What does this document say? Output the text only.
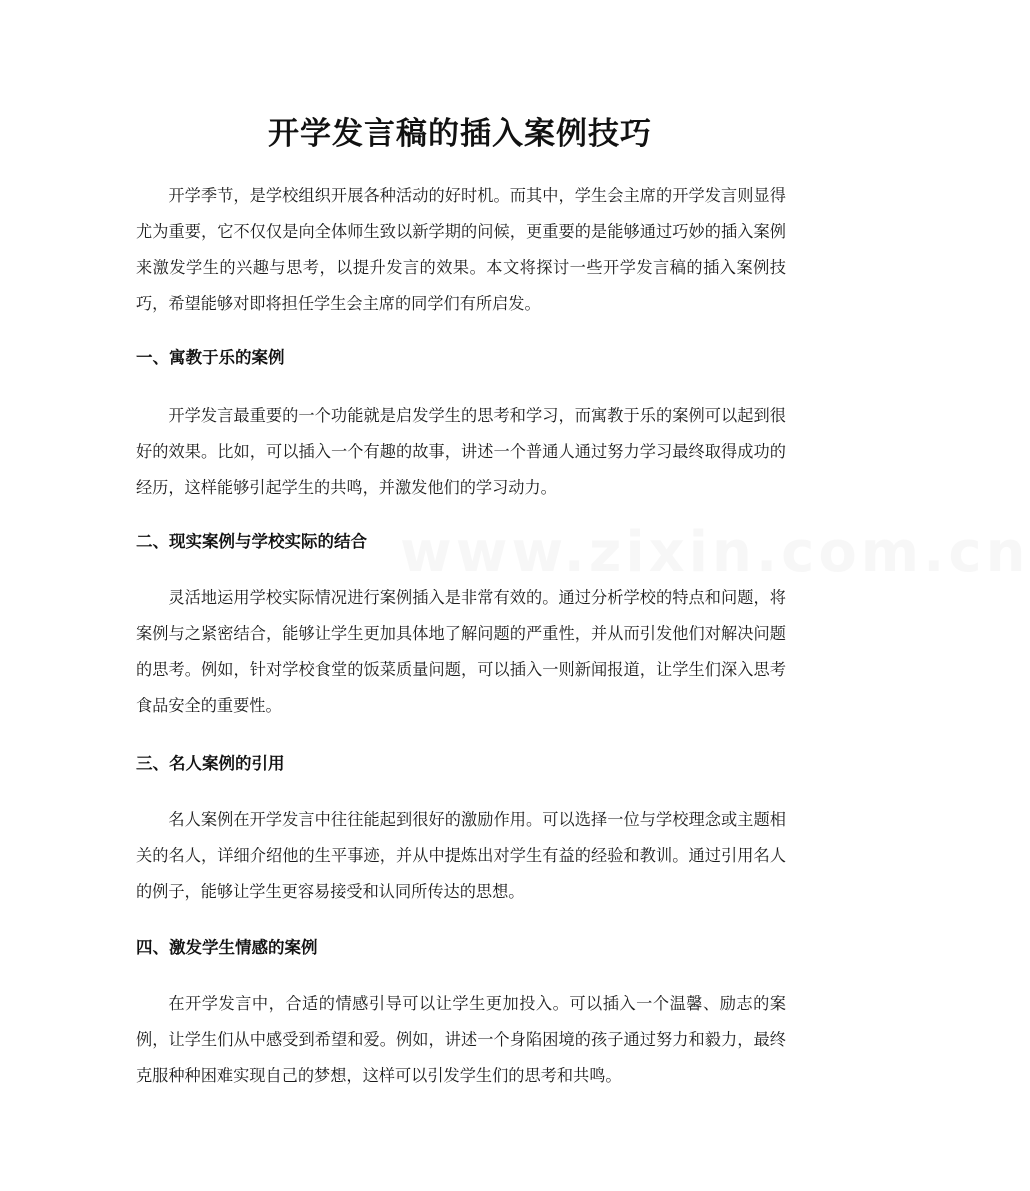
开学发言稿的插入案例技巧

开学季节，是学校组织开展各种活动的好时机。而其中，学生会主席的开学发言则显得尤为重要，它不仅仅是向全体师生致以新学期的问候，更重要的是能够通过巧妙的插入案例来激发学生的兴趣与思考，以提升发言的效果。本文将探讨一些开学发言稿的插入案例技巧，希望能够对即将担任学生会主席的同学们有所启发。

一、寓教于乐的案例

开学发言最重要的一个功能就是启发学生的思考和学习，而寓教于乐的案例可以起到很好的效果。比如，可以插入一个有趣的故事，讲述一个普通人通过努力学习最终取得成功的经历，这样能够引起学生的共鸣，并激发他们的学习动力。

二、现实案例与学校实际的结合

灵活地运用学校实际情况进行案例插入是非常有效的。通过分析学校的特点和问题，将案例与之紧密结合，能够让学生更加具体地了解问题的严重性，并从而引发他们对解决问题的思考。例如，针对学校食堂的饭菜质量问题，可以插入一则新闻报道，让学生们深入思考食品安全的重要性。

三、名人案例的引用

名人案例在开学发言中往往能起到很好的激励作用。可以选择一位与学校理念或主题相关的名人，详细介绍他的生平事迹，并从中提炼出对学生有益的经验和教训。通过引用名人的例子，能够让学生更容易接受和认同所传达的思想。

四、激发学生情感的案例

在开学发言中，合适的情感引导可以让学生更加投入。可以插入一个温馨、励志的案例，让学生们从中感受到希望和爱。例如，讲述一个身陷困境的孩子通过努力和毅力，最终克服种种困难实现自己的梦想，这样可以引发学生们的思考和共鸣。

www.zixin.com.cn
